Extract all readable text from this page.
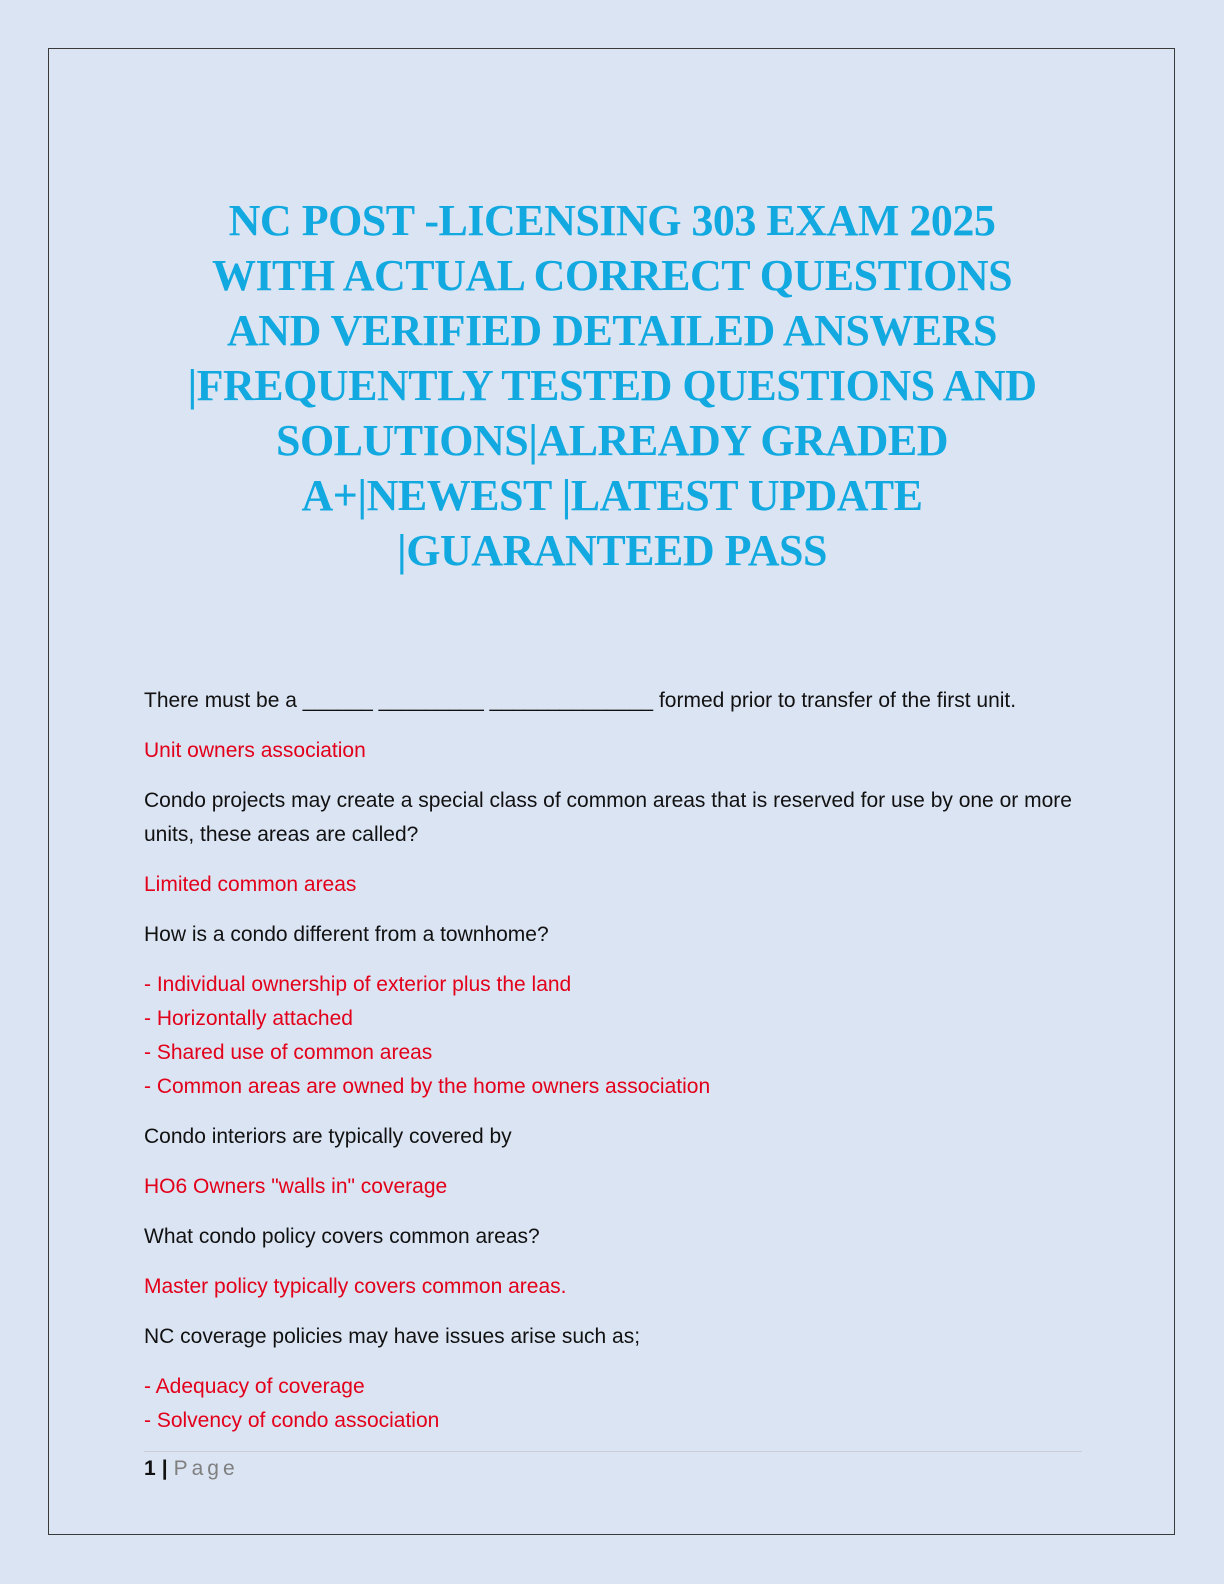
NC POST -LICENSING 303 EXAM 2025
WITH ACTUAL CORRECT QUESTIONS
AND VERIFIED DETAILED ANSWERS
|FREQUENTLY TESTED QUESTIONS AND
SOLUTIONS|ALREADY GRADED
A+|NEWEST |LATEST UPDATE
|GUARANTEED PASS

There must be a ______ _________ ______________ formed prior to transfer of the first unit.

Unit owners association

Condo projects may create a special class of common areas that is reserved for use by one or more units, these areas are called?

Limited common areas

How is a condo different from a townhome?

- Individual ownership of exterior plus the land
- Horizontally attached
- Shared use of common areas
- Common areas are owned by the home owners association

Condo interiors are typically covered by

HO6 Owners "walls in" coverage

What condo policy covers common areas?

Master policy typically covers common areas.

NC coverage policies may have issues arise such as;

- Adequacy of coverage
- Solvency of condo association
1 | Page
